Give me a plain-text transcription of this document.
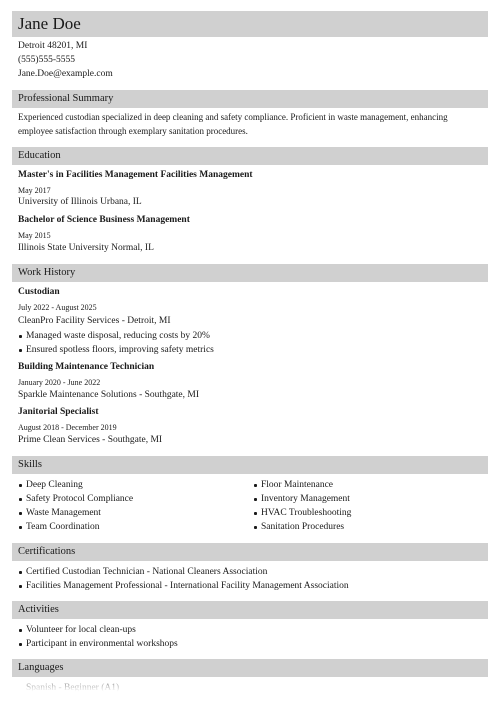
Jane Doe
Detroit 48201, MI
(555)555-5555
Jane.Doe@example.com
Professional Summary
Experienced custodian specialized in deep cleaning and safety compliance. Proficient in waste management, enhancing employee satisfaction through exemplary sanitation procedures.
Education
Master's in Facilities Management Facilities Management
May 2017
University of Illinois Urbana, IL
Bachelor of Science Business Management
May 2015
Illinois State University Normal, IL
Work History
Custodian
July 2022 - August 2025
CleanPro Facility Services - Detroit, MI
Managed waste disposal, reducing costs by 20%
Ensured spotless floors, improving safety metrics
Building Maintenance Technician
January 2020 - June 2022
Sparkle Maintenance Solutions - Southgate, MI
Janitorial Specialist
August 2018 - December 2019
Prime Clean Services - Southgate, MI
Skills
Deep Cleaning
Safety Protocol Compliance
Waste Management
Team Coordination
Floor Maintenance
Inventory Management
HVAC Troubleshooting
Sanitation Procedures
Certifications
Certified Custodian Technician - National Cleaners Association
Facilities Management Professional - International Facility Management Association
Activities
Volunteer for local clean-ups
Participant in environmental workshops
Languages
